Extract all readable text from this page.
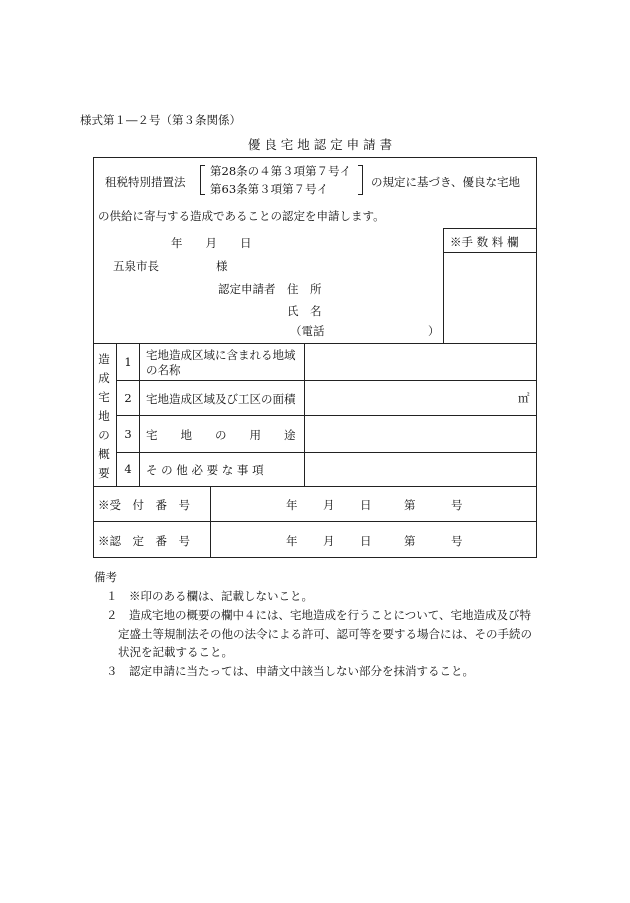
様式第１―２号（第３条関係）
優 良 宅 地 認 定 申 請 書
租税特別措置法
第28条の４第３項第７号イ
第63条第３項第７号イ	の規定に基づき、優良な宅地
の供給に寄与する造成であることの認定を申請します。
※手 数 料 欄
年　　月　　日
五泉市長	様
認定申請者 住　所
氏　名
（電話　　　　　　　　　）
造
成
宅
地
の
概
要
1	宅地造成区域に含まれる地域の名称
2	宅地造成区域及び工区の面積	㎡
3	宅　　地　　の　　用　　途
4	そ の 他 必 要 な 事 項
※受　付　番　号	年 月 日	第	号
※認　定　番　号	年 月 日	第	号
備考
１　※印のある欄は、記載しないこと。
２　造成宅地の概要の欄中４には、宅地造成を行うことについて、宅地造成及び特
定盛土等規制法その他の法令による許可、認可等を要する場合には、その手続の
状況を記載すること。
３　認定申請に当たっては、申請文中該当しない部分を抹消すること。
